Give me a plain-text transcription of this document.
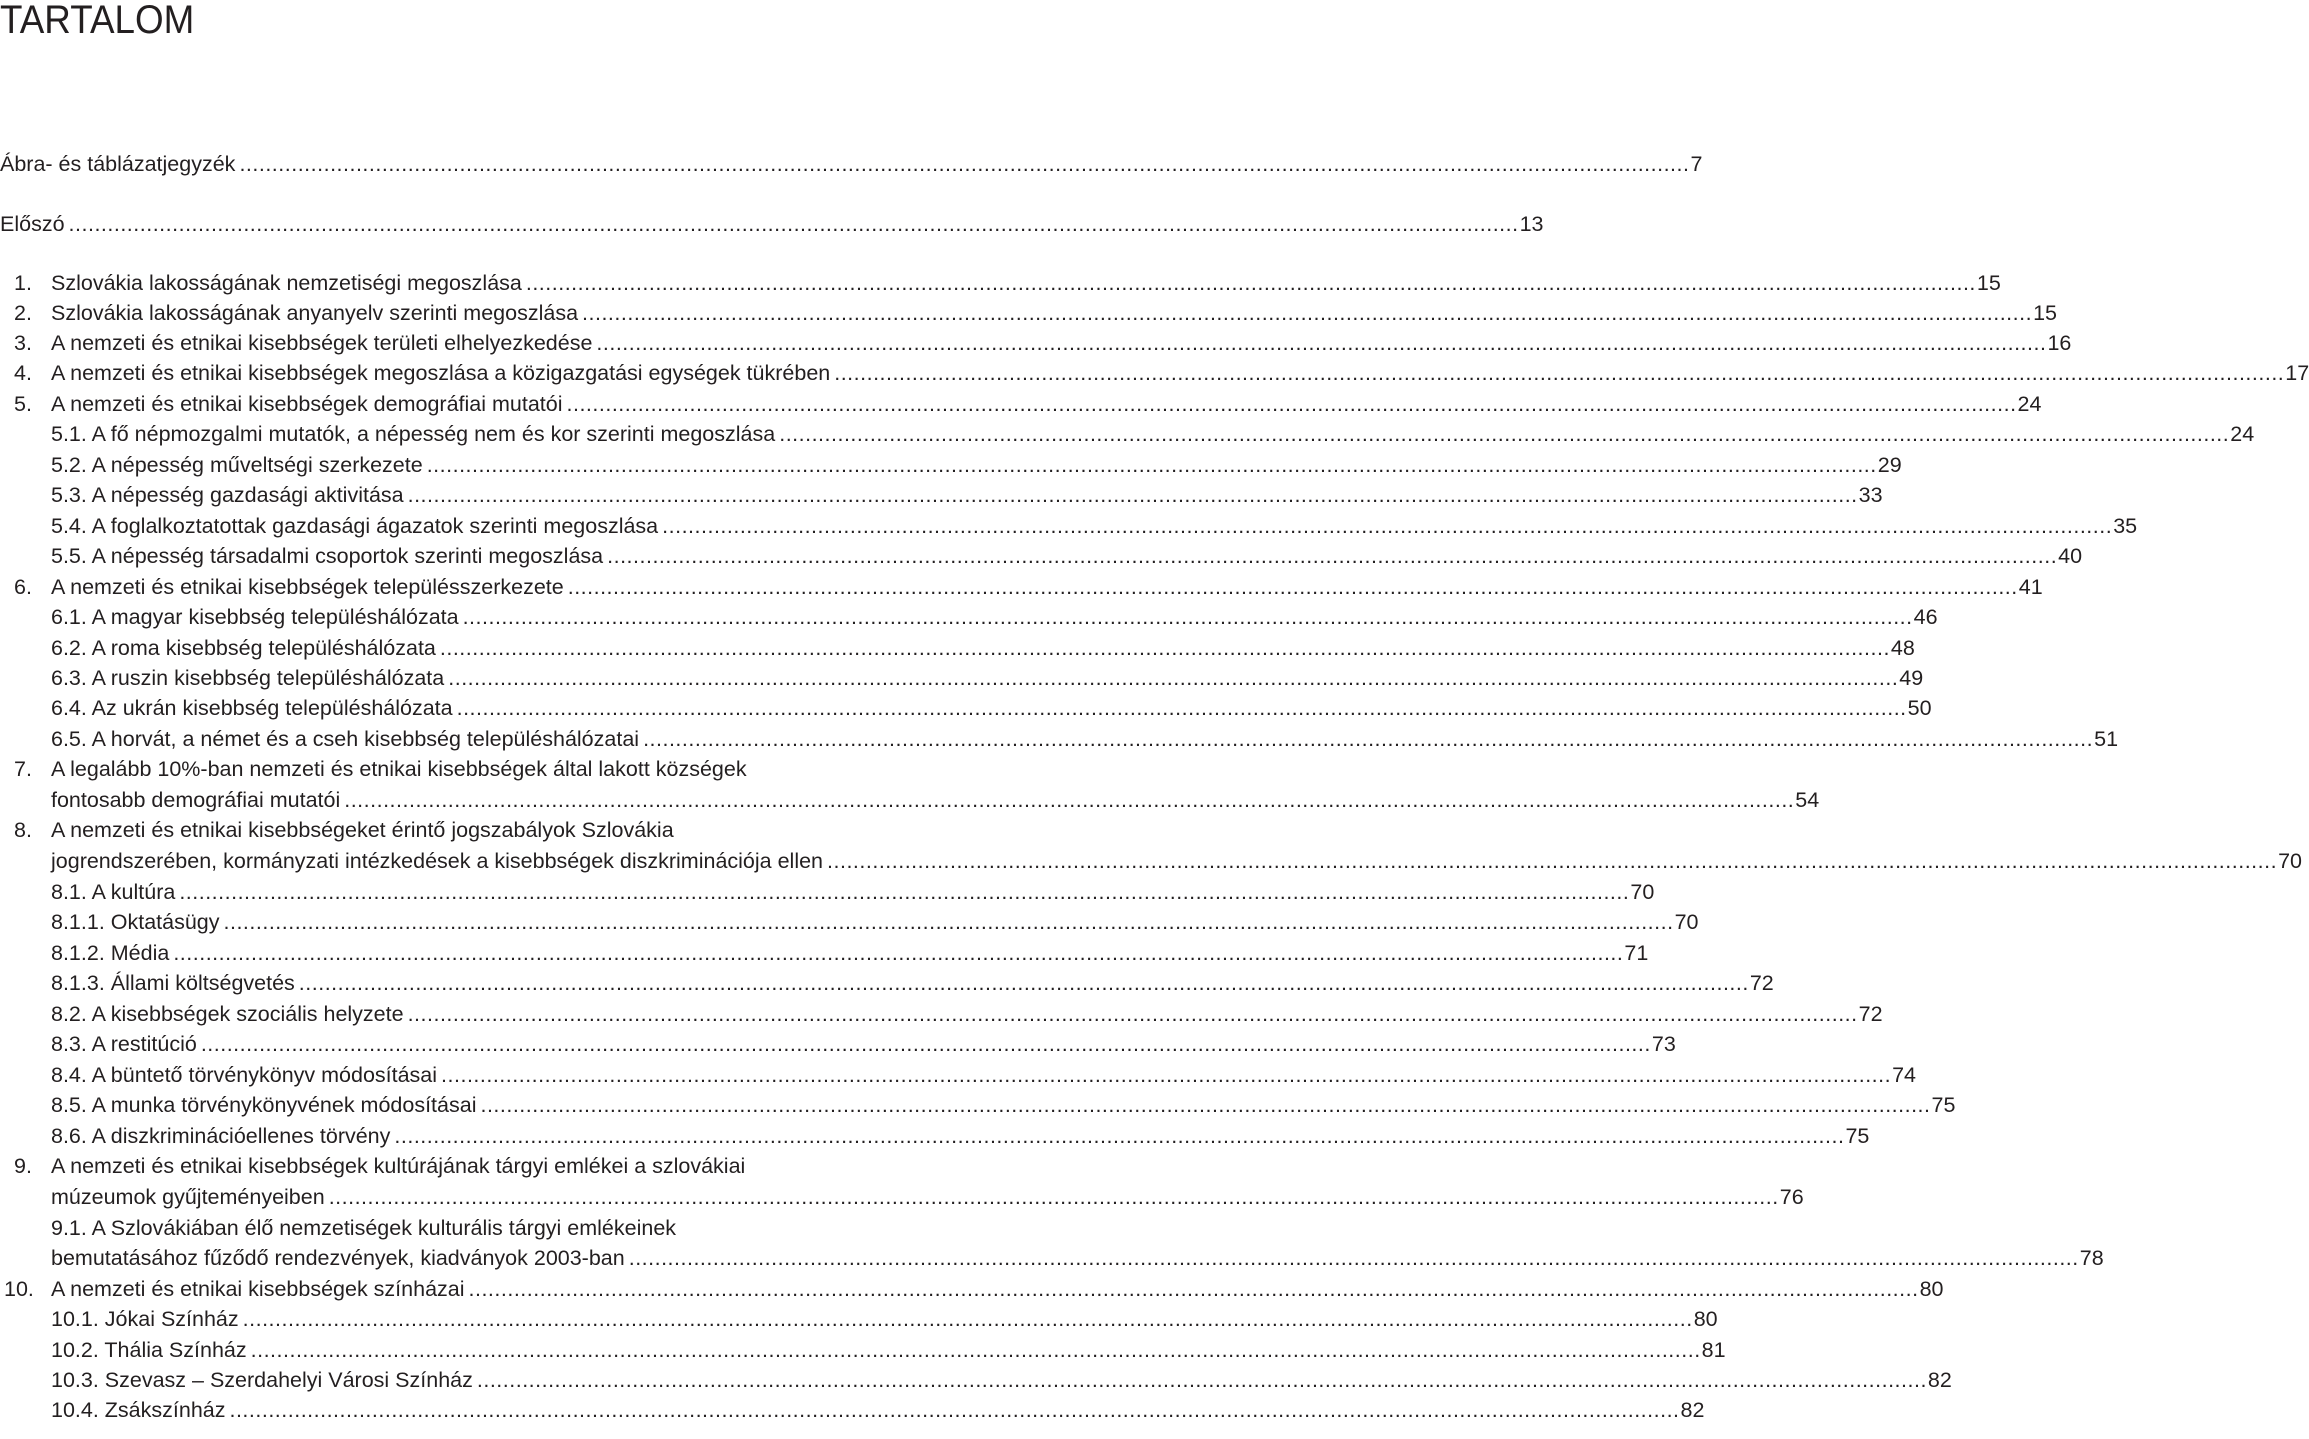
TARTALOM
Ábra- és táblázatjegyzék .....	7
Előszó .....	13
1. Szlovákia lakosságának nemzetiségi megoszlása .....	15
2. Szlovákia lakosságának anyanyelv szerinti megoszlása .....	15
3. A nemzeti és etnikai kisebbségek területi elhelyezkedése .....	16
4. A nemzeti és etnikai kisebbségek megoszlása a közigazgatási egységek tükrében .....	17
5. A nemzeti és etnikai kisebbségek demográfiai mutatói .....	24
5.1. A fő népmozgalmi mutatók, a népesség nem és kor szerinti megoszlása .....	24
5.2. A népesség műveltségi szerkezete .....	29
5.3. A népesség gazdasági aktivitása .....	33
5.4. A foglalkoztatottak gazdasági ágazatok szerinti megoszlása .....	35
5.5. A népesség társadalmi csoportok szerinti megoszlása .....	40
6. A nemzeti és etnikai kisebbségek településszerkezete .....	41
6.1. A magyar kisebbség településhálózata .....	46
6.2. A roma kisebbség településhálózata .....	48
6.3. A ruszin kisebbség településhálózata .....	49
6.4. Az ukrán kisebbség településhálózata .....	50
6.5. A horvát, a német és a cseh kisebbség településhálózatai .....	51
7. A legalább 10%-ban nemzeti és etnikai kisebbségek által lakott községek
fontosabb demográfiai mutatói .....	54
8. A nemzeti és etnikai kisebbségeket érintő jogszabályok Szlovákia
jogrendszerében, kormányzati intézkedések a kisebbségek diszkriminációja ellen .....	70
8.1. A kultúra .....	70
8.1.1. Oktatásügy .....	70
8.1.2. Média .....	71
8.1.3. Állami költségvetés .....	72
8.2. A kisebbségek szociális helyzete .....	72
8.3. A restitúció .....	73
8.4. A büntető törvénykönyv módosításai .....	74
8.5. A munka törvénykönyvének módosításai .....	75
8.6. A diszkriminációellenes törvény .....	75
9. A nemzeti és etnikai kisebbségek kultúrájának tárgyi emlékei a szlovákiai
múzeumok gyűjteményeiben .....	76
9.1. A Szlovákiában élő nemzetiségek kulturális tárgyi emlékeinek
bemutatásához fűződő rendezvények, kiadványok 2003-ban .....	78
10. A nemzeti és etnikai kisebbségek színházai .....	80
10.1. Jókai Színház .....	80
10.2. Thália Színház .....	81
10.3. Szevasz – Szerdahelyi Városi Színház .....	82
10.4. Zsákszínház .....	82
